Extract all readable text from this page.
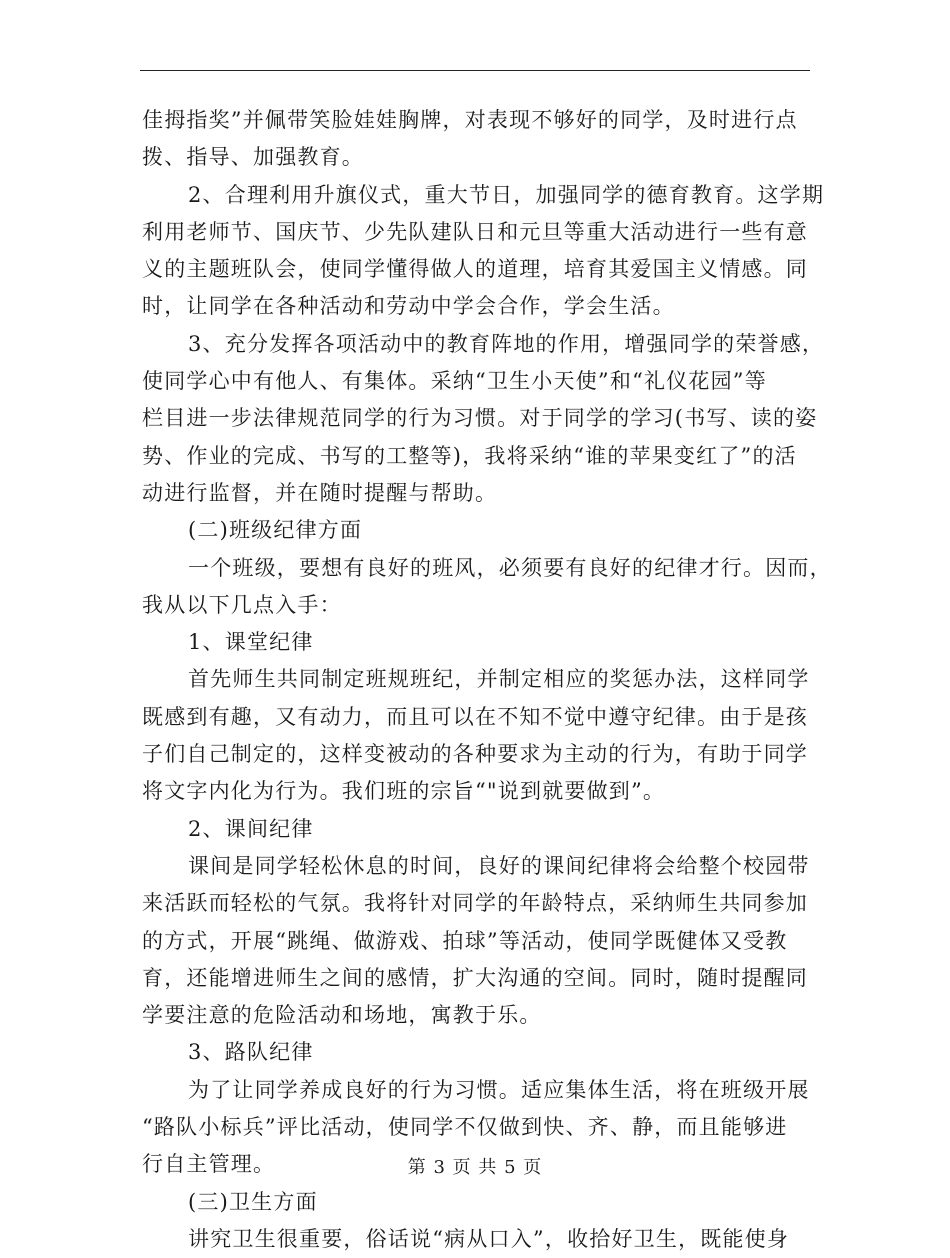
佳拇指奖”并佩带笑脸娃娃胸牌，对表现不够好的同学，及时进行点
拨、指导、加强教育。
2、合理利用升旗仪式，重大节日，加强同学的德育教育。这学期
利用老师节、国庆节、少先队建队日和元旦等重大活动进行一些有意
义的主题班队会，使同学懂得做人的道理，培育其爱国主义情感。同
时，让同学在各种活动和劳动中学会合作，学会生活。
3、充分发挥各项活动中的教育阵地的作用，增强同学的荣誉感，
使同学心中有他人、有集体。采纳“卫生小天使”和“礼仪花园”等
栏目进一步法律规范同学的行为习惯。对于同学的学习(书写、读的姿
势、作业的完成、书写的工整等)，我将采纳“谁的苹果变红了”的活
动进行监督，并在随时提醒与帮助。
(二)班级纪律方面
一个班级，要想有良好的班风，必须要有良好的纪律才行。因而，
我从以下几点入手：
1、课堂纪律
首先师生共同制定班规班纪，并制定相应的奖惩办法，这样同学
既感到有趣，又有动力，而且可以在不知不觉中遵守纪律。由于是孩
子们自己制定的，这样变被动的各种要求为主动的行为，有助于同学
将文字内化为行为。我们班的宗旨“"说到就要做到”。
2、课间纪律
课间是同学轻松休息的时间，良好的课间纪律将会给整个校园带
来活跃而轻松的气氛。我将针对同学的年龄特点，采纳师生共同参加
的方式，开展“跳绳、做游戏、拍球”等活动，使同学既健体又受教
育，还能增进师生之间的感情，扩大沟通的空间。同时，随时提醒同
学要注意的危险活动和场地，寓教于乐。
3、路队纪律
为了让同学养成良好的行为习惯。适应集体生活，将在班级开展
“路队小标兵”评比活动，使同学不仅做到快、齐、静，而且能够进
行自主管理。
(三)卫生方面
讲究卫生很重要，俗话说“病从口入”，收拾好卫生，既能使身
第 3 页 共 5 页
